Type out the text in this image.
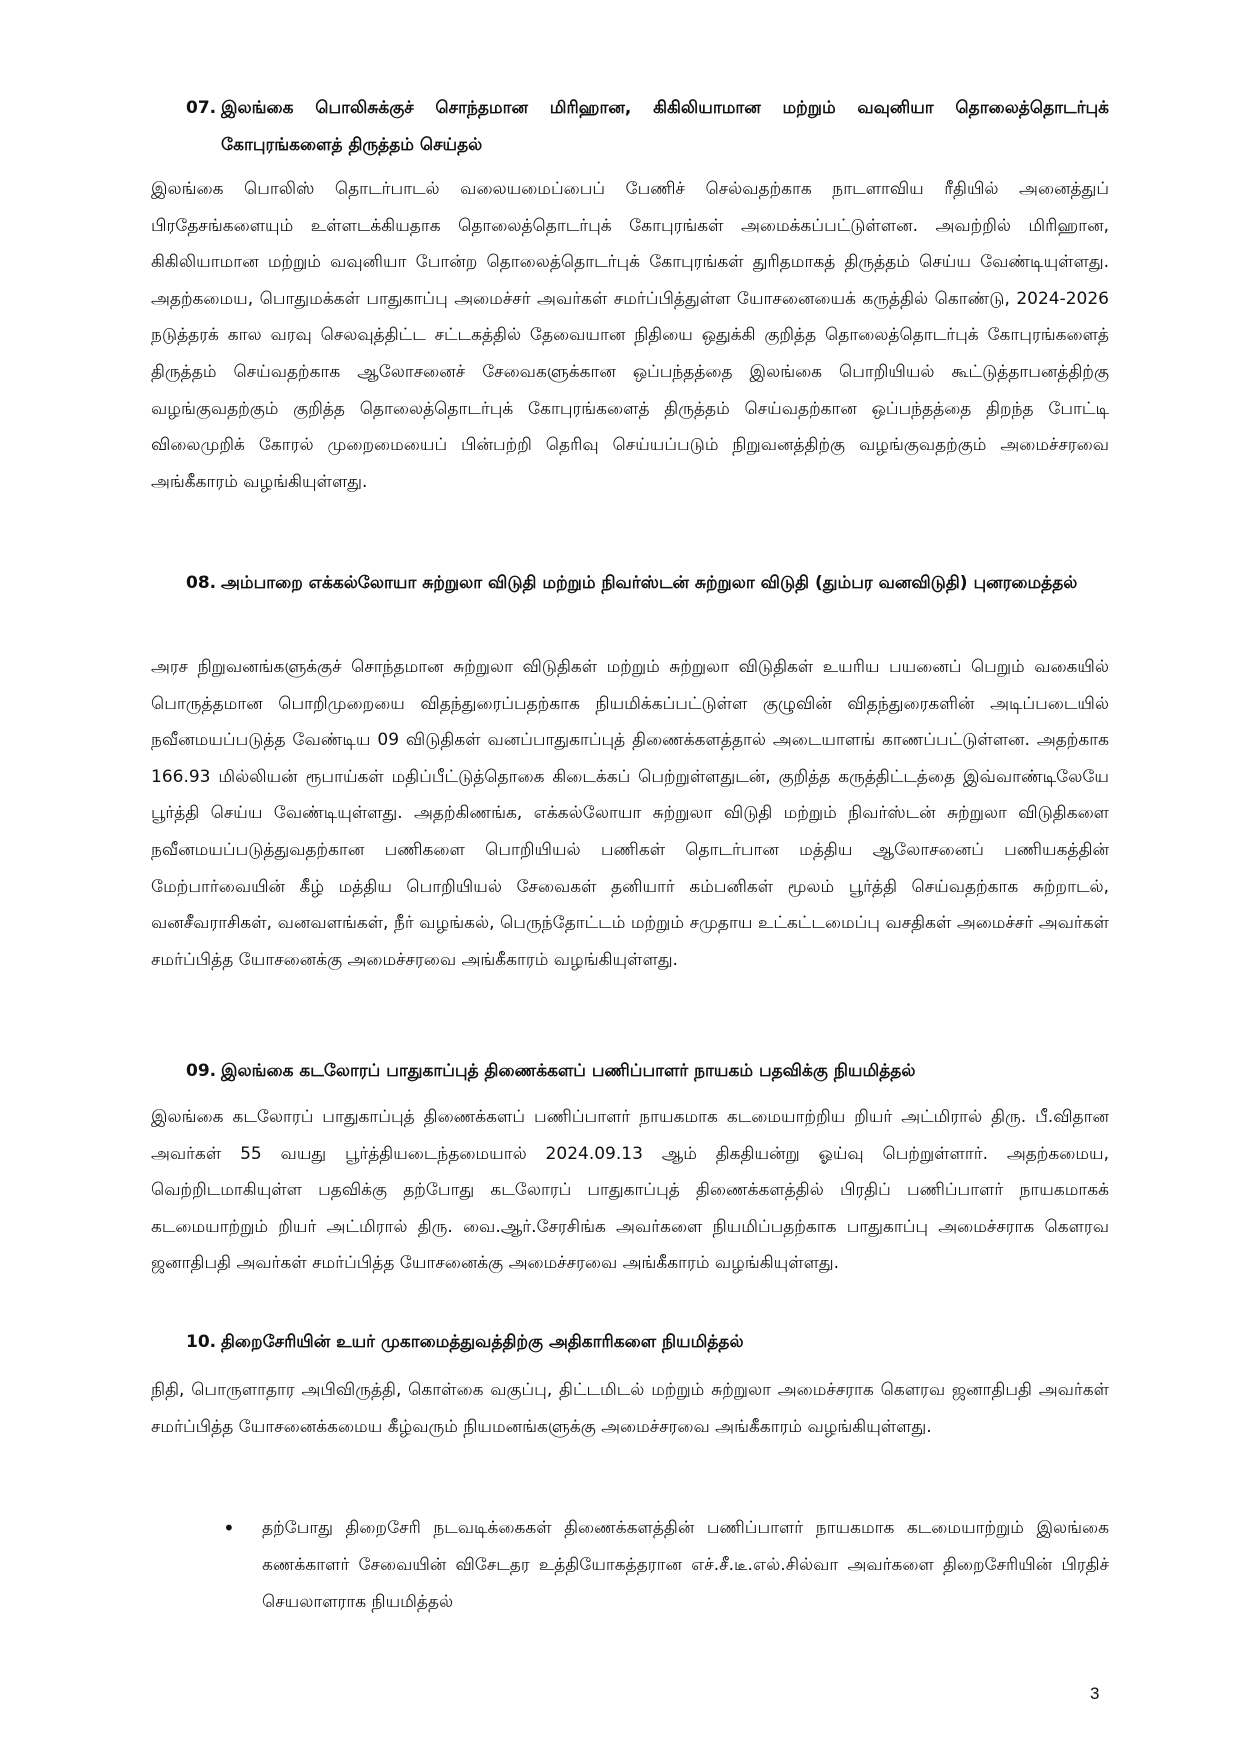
07. இலங்கை பொலிசுக்குச் சொந்தமான மிரிஹான, கிகிலியாமான மற்றும் வவுனியா தொலைத்தொடர்புக் கோபுரங்களைத் திருத்தம் செய்தல்
இலங்கை பொலிஸ் தொடர்பாடல் வலையமைப்பைப் பேணிச் செல்வதற்காக நாடளாவிய ரீதியில் அனைத்துப் பிரதேசங்களையும் உள்ளடக்கியதாக தொலைத்தொடர்புக் கோபுரங்கள் அமைக்கப்பட்டுள்ளன. அவற்றில் மிரிஹான, கிகிலியாமான மற்றும் வவுனியா போன்ற தொலைத்தொடர்புக் கோபுரங்கள் துரிதமாகத் திருத்தம் செய்ய வேண்டியுள்ளது. அதற்கமைய, பொதுமக்கள் பாதுகாப்பு அமைச்சர் அவர்கள் சமர்ப்பித்துள்ள யோசனையைக் கருத்தில் கொண்டு, 2024-2026 நடுத்தரக் கால வரவு செலவுத்திட்ட சட்டகத்தில் தேவையான நிதியை ஒதுக்கி குறித்த தொலைத்தொடர்புக் கோபுரங்களைத் திருத்தம் செய்வதற்காக ஆலோசனைச் சேவைகளுக்கான ஒப்பந்தத்தை இலங்கை பொறியியல் கூட்டுத்தாபனத்திற்கு வழங்குவதற்கும் குறித்த தொலைத்தொடர்புக் கோபுரங்களைத் திருத்தம் செய்வதற்கான ஒப்பந்தத்தை திறந்த போட்டி விலைமுறிக் கோரல் முறைமையைப் பின்பற்றி தெரிவு செய்யப்படும் நிறுவனத்திற்கு வழங்குவதற்கும் அமைச்சரவை அங்கீகாரம் வழங்கியுள்ளது.
08. அம்பாறை எக்கல்லோயா சுற்றுலா விடுதி மற்றும் நிவர்ஸ்டன் சுற்றுலா விடுதி (தும்பர வனவிடுதி) புனரமைத்தல்
அரச நிறுவனங்களுக்குச் சொந்தமான சுற்றுலா விடுதிகள் மற்றும் சுற்றுலா விடுதிகள் உயரிய பயனைப் பெறும் வகையில் பொருத்தமான பொறிமுறையை விதந்துரைப்பதற்காக நியமிக்கப்பட்டுள்ள குழுவின் விதந்துரைகளின் அடிப்படையில் நவீனமயப்படுத்த வேண்டிய 09 விடுதிகள் வனப்பாதுகாப்புத் திணைக்களத்தால் அடையாளங் காணப்பட்டுள்ளன. அதற்காக 166.93 மில்லியன் ரூபாய்கள் மதிப்பீட்டுத்தொகை கிடைக்கப் பெற்றுள்ளதுடன், குறித்த கருத்திட்டத்தை இவ்வாண்டிலேயே பூர்த்தி செய்ய வேண்டியுள்ளது. அதற்கிணங்க, எக்கல்லோயா சுற்றுலா விடுதி மற்றும் நிவர்ஸ்டன் சுற்றுலா விடுதிகளை நவீனமயப்படுத்துவதற்கான பணிகளை பொறியியல் பணிகள் தொடர்பான மத்திய ஆலோசனைப் பணியகத்தின் மேற்பார்வையின் கீழ் மத்திய பொறியியல் சேவைகள் தனியார் கம்பனிகள் மூலம் பூர்த்தி செய்வதற்காக சுற்றாடல், வனசீவராசிகள், வனவளங்கள், நீர் வழங்கல், பெருந்தோட்டம் மற்றும் சமுதாய உட்கட்டமைப்பு வசதிகள் அமைச்சர் அவர்கள் சமர்ப்பித்த யோசனைக்கு அமைச்சரவை அங்கீகாரம் வழங்கியுள்ளது.
09. இலங்கை கடலோரப் பாதுகாப்புத் திணைக்களப் பணிப்பாளர் நாயகம் பதவிக்கு நியமித்தல்
இலங்கை கடலோரப் பாதுகாப்புத் திணைக்களப் பணிப்பாளர் நாயகமாக கடமையாற்றிய றியர் அட்மிரால் திரு. பீ.விதான அவர்கள் 55 வயது பூர்த்தியடைந்தமையால் 2024.09.13 ஆம் திகதியன்று ஓய்வு பெற்றுள்ளார். அதற்கமைய, வெற்றிடமாகியுள்ள பதவிக்கு தற்போது கடலோரப் பாதுகாப்புத் திணைக்களத்தில் பிரதிப் பணிப்பாளர் நாயகமாகக் கடமையாற்றும் றியர் அட்மிரால் திரு. வை.ஆர்.சேரசிங்க அவர்களை நியமிப்பதற்காக பாதுகாப்பு அமைச்சராக கௌரவ ஜனாதிபதி அவர்கள் சமர்ப்பித்த யோசனைக்கு அமைச்சரவை அங்கீகாரம் வழங்கியுள்ளது.
10. திறைசேரியின் உயர் முகாமைத்துவத்திற்கு அதிகாரிகளை நியமித்தல்
நிதி, பொருளாதார அபிவிருத்தி, கொள்கை வகுப்பு, திட்டமிடல் மற்றும் சுற்றுலா அமைச்சராக கௌரவ ஜனாதிபதி அவர்கள் சமர்ப்பித்த யோசனைக்கமைய கீழ்வரும் நியமனங்களுக்கு அமைச்சரவை அங்கீகாரம் வழங்கியுள்ளது.
•	தற்போது திறைசேரி நடவடிக்கைகள் திணைக்களத்தின் பணிப்பாளர் நாயகமாக கடமையாற்றும் இலங்கை கணக்காளர் சேவையின் விசேடதர உத்தியோகத்தரான எச்.சீ.டீ.எல்.சில்வா அவர்களை திறைசேரியின் பிரதிச் செயலாளராக நியமித்தல்
3
